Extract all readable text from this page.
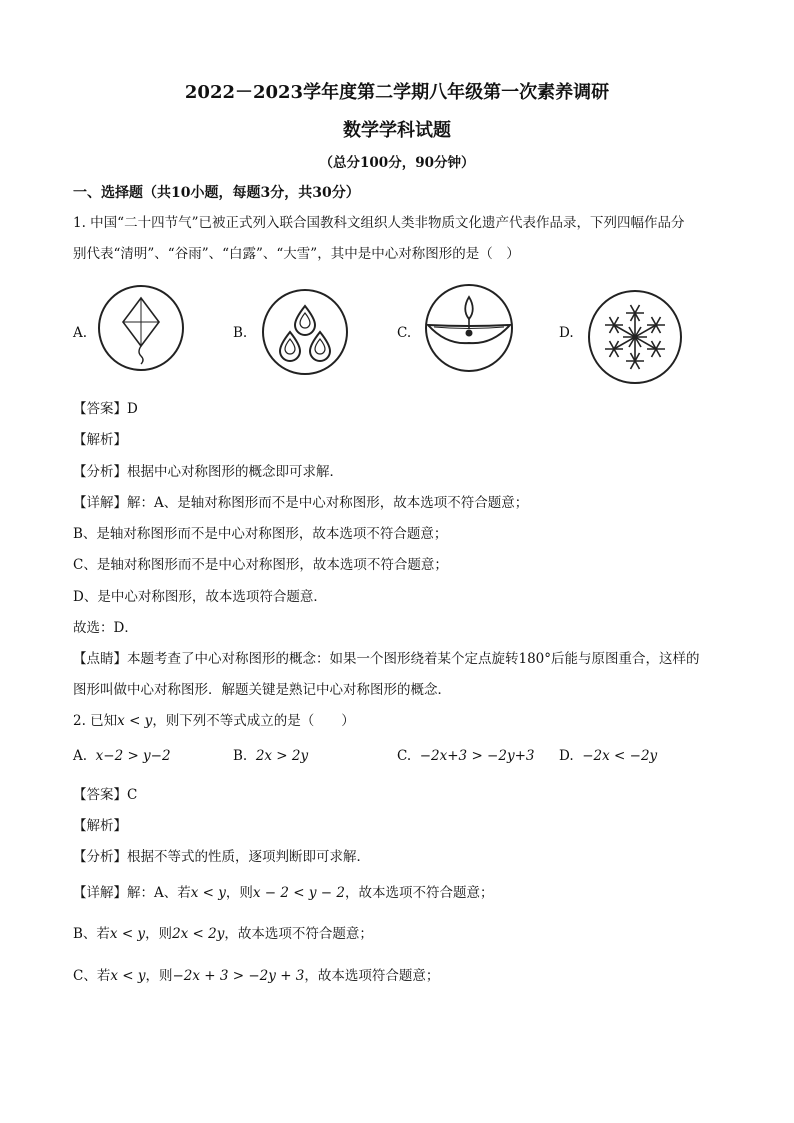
2022－2023学年度第二学期八年级第一次素养调研
数学学科试题
（总分100分，90分钟）
一、选择题（共10小题，每题3分，共30分）
1. 中国“二十四节气”已被正式列入联合国教科文组织人类非物质文化遗产代表作品录，下列四幅作品分
别代表“清明”、“谷雨”、“白露”、“大雪”，其中是中心对称图形的是（　）
A.	B.	C.	D.
【答案】D
【解析】
【分析】根据中心对称图形的概念即可求解．
【详解】解：A、是轴对称图形而不是中心对称图形，故本选项不符合题意；
B、是轴对称图形而不是中心对称图形，故本选项不符合题意；
C、是轴对称图形而不是中心对称图形，故本选项不符合题意；
D、是中心对称图形，故本选项符合题意．
故选：D．
【点睛】本题考查了中心对称图形的概念：如果一个图形绕着某个定点旋转180°后能与原图重合，这样的
图形叫做中心对称图形．解题关键是熟记中心对称图形的概念．
2. 已知x < y，则下列不等式成立的是（　　）
A. x−2 > y−2	B. 2x > 2y	C. −2x+3 > −2y+3 D. −2x < −2y
【答案】C
【解析】
【分析】根据不等式的性质，逐项判断即可求解．
【详解】解：A、若x < y，则x − 2 < y − 2，故本选项不符合题意；
B、若x < y，则2x < 2y，故本选项不符合题意；
C、若x < y，则−2x + 3 > −2y + 3，故本选项符合题意；
